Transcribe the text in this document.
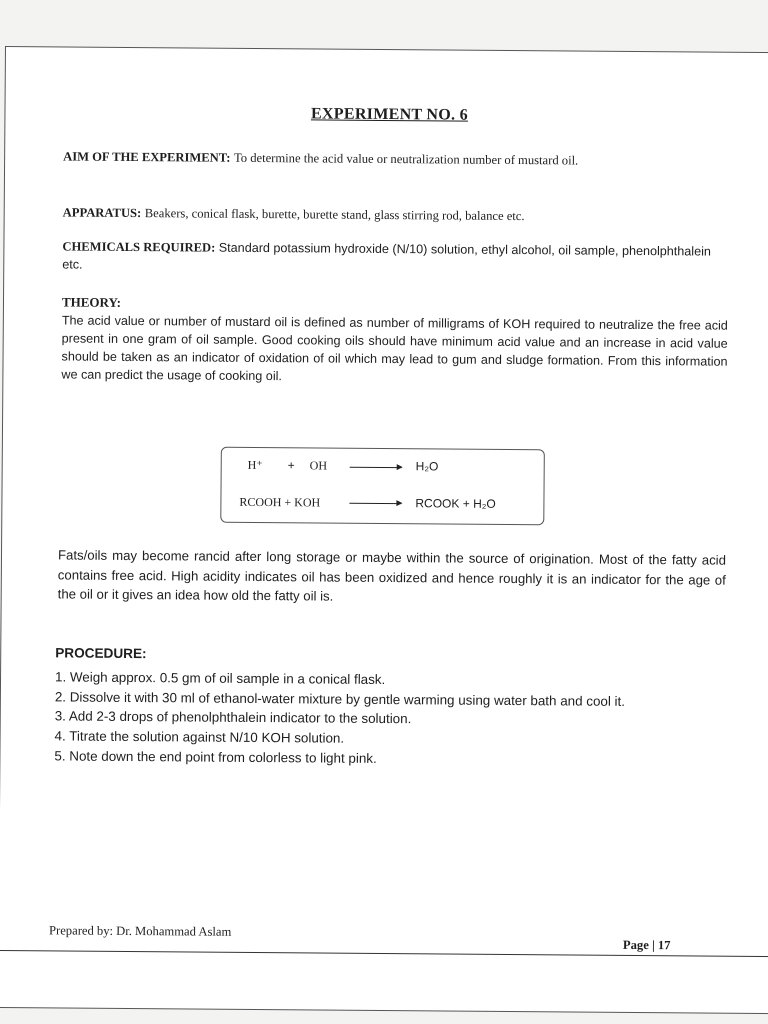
EXPERIMENT NO. 6
AIM OF THE EXPERIMENT: To determine the acid value or neutralization number of mustard oil.
APPARATUS: Beakers, conical flask, burette, burette stand, glass stirring rod, balance etc.
CHEMICALS REQUIRED: Standard potassium hydroxide (N/10) solution, ethyl alcohol, oil sample, phenolphthalein etc.
THEORY:
The acid value or number of mustard oil is defined as number of milligrams of KOH required to neutralize the free acid present in one gram of oil sample. Good cooking oils should have minimum acid value and an increase in acid value should be taken as an indicator of oxidation of oil which may lead to gum and sludge formation. From this information we can predict the usage of cooking oil.
H⁺ + OH	H₂O
RCOOH + KOH	RCOOK + H₂O
Fats/oils may become rancid after long storage or maybe within the source of origination. Most of the fatty acid contains free acid. High acidity indicates oil has been oxidized and hence roughly it is an indicator for the age of the oil or it gives an idea how old the fatty oil is.
PROCEDURE:
1. Weigh approx. 0.5 gm of oil sample in a conical flask.
2. Dissolve it with 30 ml of ethanol-water mixture by gentle warming using water bath and cool it.
3. Add 2-3 drops of phenolphthalein indicator to the solution.
4. Titrate the solution against N/10 KOH solution.
5. Note down the end point from colorless to light pink.
Prepared by: Dr. Mohammad Aslam
Page | 17
